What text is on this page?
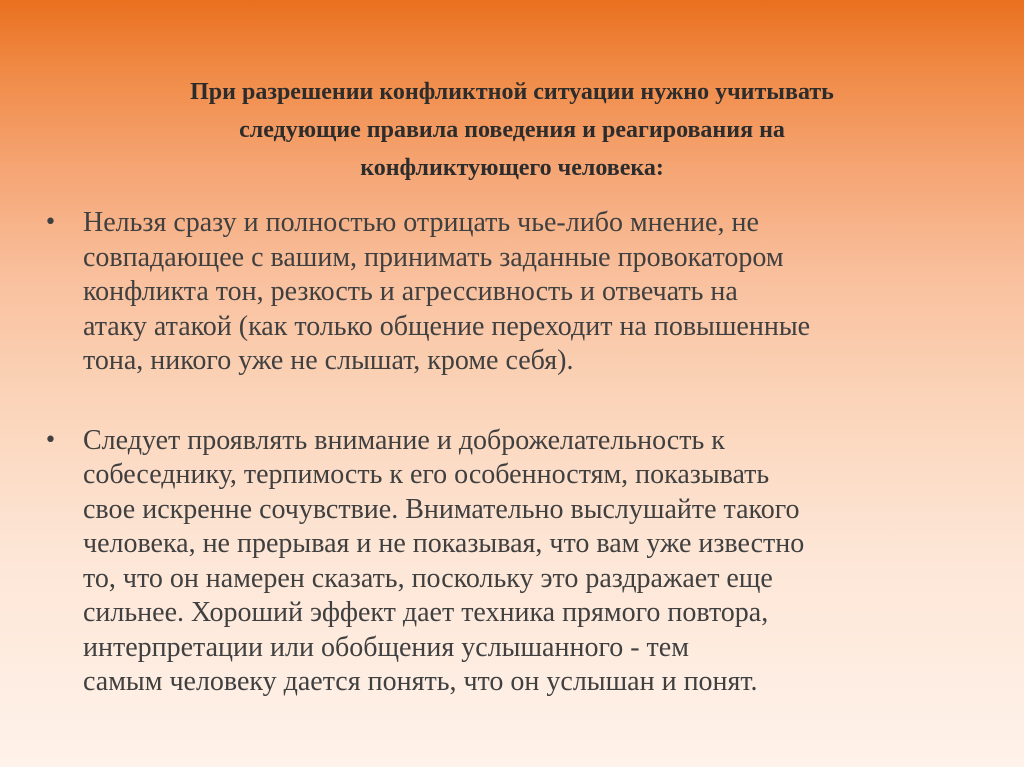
При разрешении конфликтной ситуации нужно учитывать
следующие правила поведения и реагирования на
конфликтующего человека:
• Нельзя сразу и полностью отрицать чье-либо мнение, не
совпадающее с вашим, принимать заданные провокатором
конфликта тон, резкость и агрессивность и отвечать на
атаку атакой (как только общение переходит на повышенные
тона, никого уже не слышат, кроме себя).
• Следует проявлять внимание и доброжелательность к
собеседнику, терпимость к его особенностям, показывать
свое искренне сочувствие. Внимательно выслушайте такого
человека, не прерывая и не показывая, что вам уже известно
то, что он намерен сказать, поскольку это раздражает еще
сильнее. Хороший эффект дает техника прямого повтора,
интерпретации или обобщения услышанного - тем
самым человеку дается понять, что он услышан и понят.
